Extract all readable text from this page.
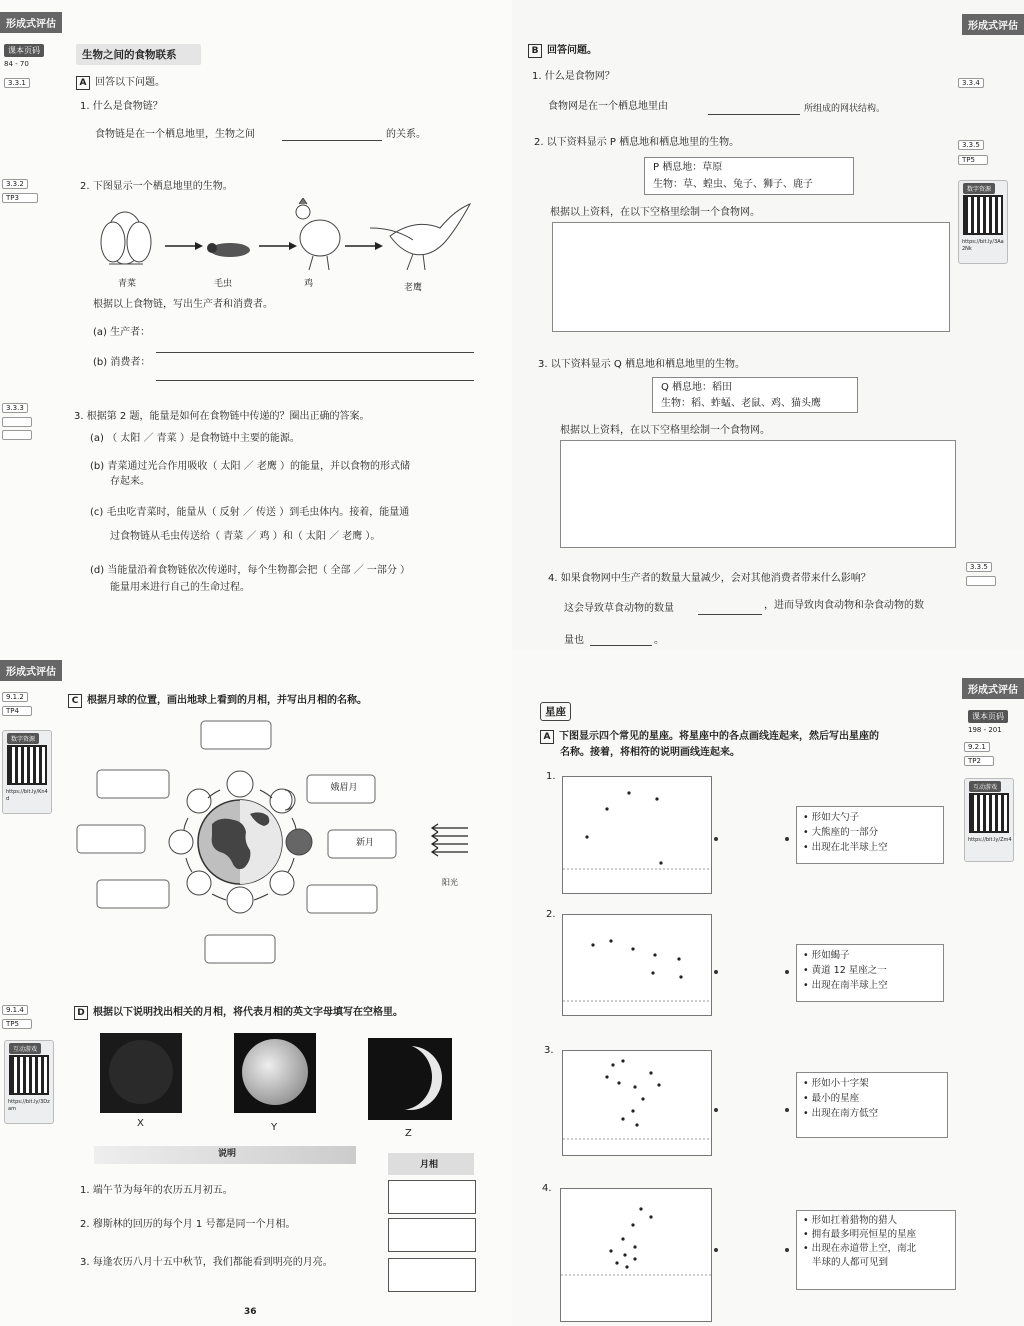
形成式评估
课本页码
84 - 70
3.3.1
3.3.2
TP3
3.3.3
生物之间的食物联系
A 回答以下问题。
1. 什么是食物链？
食物链是在一个栖息地里，生物之间	的关系。
2. 下图显示一个栖息地里的生物。
青菜	毛虫	鸡	老鹰
根据以上食物链，写出生产者和消费者。
(a) 生产者：
(b) 消费者：
3. 根据第 2 题，能量是如何在食物链中传递的？圈出正确的答案。
(a) （ 太阳 ／ 青菜 ）是食物链中主要的能源。
(b) 青菜通过光合作用吸收（ 太阳 ／ 老鹰 ）的能量，并以食物的形式储
存起来。
(c) 毛虫吃青菜时，能量从（ 反射 ／ 传送 ）到毛虫体内。接着，能量通
过食物链从毛虫传送给（ 青菜 ／ 鸡 ）和（ 太阳 ／ 老鹰 ）。
(d) 当能量沿着食物链依次传递时，每个生物都会把（ 全部 ／ 一部分 ）
能量用来进行自己的生命过程。
形成式评估
B 回答问题。
3.3.4
3.3.5
TP5
数字资源
https://bit.ly/3Aa2Nk
3.3.5
1. 什么是食物网？
食物网是在一个栖息地里由	所组成的网状结构。
2. 以下资料显示 P 栖息地和栖息地里的生物。
P 栖息地：草原
生物：草、蝗虫、兔子、狮子、鹿子
根据以上资料，在以下空格里绘制一个食物网。
3. 以下资料显示 Q 栖息地和栖息地里的生物。
Q 栖息地：稻田
生物：稻、蚱蜢、老鼠、鸡、猫头鹰
根据以上资料，在以下空格里绘制一个食物网。
4. 如果食物网中生产者的数量大量减少，会对其他消费者带来什么影响？
这会导致草食动物的数量	，进而导致肉食动物和杂食动物的数
量也	。
形成式评估
9.1.2
TP4
数字资源
https://bit.ly/Kn4d
9.1.4
TP5
互动游戏
https://bit.ly/3Dzam
C 根据月球的位置，画出地球上看到的月相，并写出月相的名称。
娥眉月
新月
阳光
D 根据以下说明找出相关的月相，将代表月相的英文字母填写在空格里。
X	Y
Z
说明
月相
1. 端午节为每年的农历五月初五。
2. 穆斯林的回历的每个月 1 号都是同一个月相。
3. 每逢农历八月十五中秋节，我们都能看到明亮的月亮。
36
形成式评估
课本页码
198 - 201
9.2.1
TP2
互动游戏
https://bit.ly/Zm4
星座
A 下图显示四个常见的星座。将星座中的各点画线连起来，然后写出星座的
名称。接着，将相符的说明画线连起来。
1.
• 形如大勺子
• 大熊座的一部分
• 出现在北半球上空
2.
• 形如蝎子
• 黄道 12 星座之一
• 出现在南半球上空
3.
• 形如小十字架
• 最小的星座
• 出现在南方低空
4.
• 形如扛着猎物的猎人
• 拥有最多明亮恒星的星座
• 出现在赤道带上空，南北
半球的人都可见到
